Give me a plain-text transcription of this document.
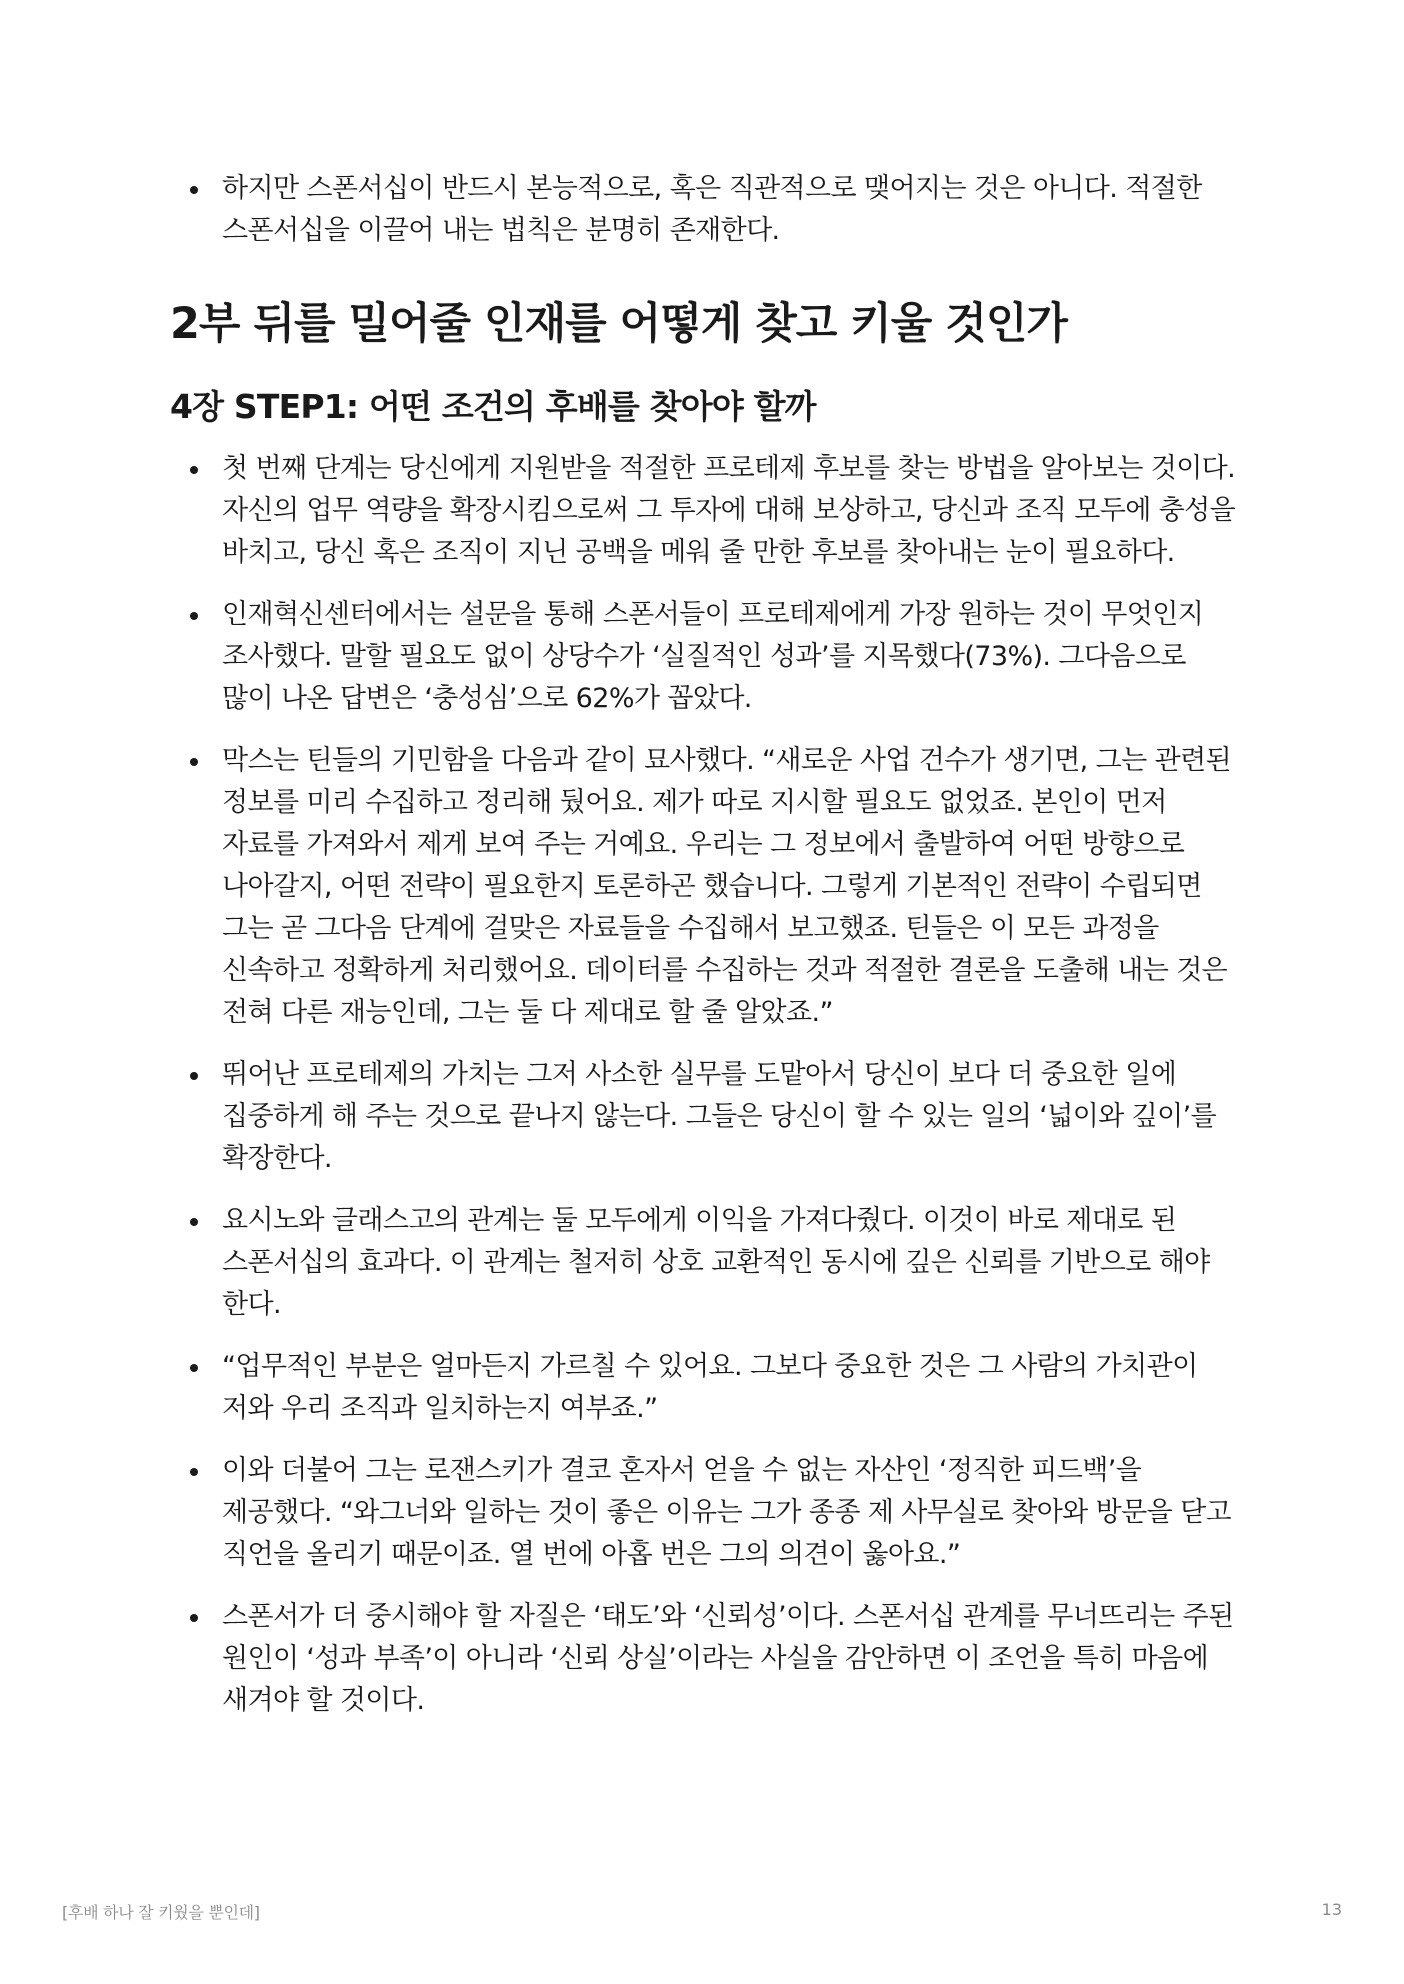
하지만 스폰서십이 반드시 본능적으로, 혹은 직관적으로 맺어지는 것은 아니다. 적절한 스폰서십을 이끌어 내는 법칙은 분명히 존재한다.
2부 뒤를 밀어줄 인재를 어떻게 찾고 키울 것인가
4장 STEP1: 어떤 조건의 후배를 찾아야 할까
첫 번째 단계는 당신에게 지원받을 적절한 프로테제 후보를 찾는 방법을 알아보는 것이다. 자신의 업무 역량을 확장시킴으로써 그 투자에 대해 보상하고, 당신과 조직 모두에 충성을 바치고, 당신 혹은 조직이 지닌 공백을 메워 줄 만한 후보를 찾아내는 눈이 필요하다.
인재혁신센터에서는 설문을 통해 스폰서들이 프로테제에게 가장 원하는 것이 무엇인지 조사했다. 말할 필요도 없이 상당수가 ‘실질적인 성과’를 지목했다(73%). 그다음으로 많이 나온 답변은 ‘충성심’으로 62%가 꼽았다.
막스는 틴들의 기민함을 다음과 같이 묘사했다. “새로운 사업 건수가 생기면, 그는 관련된 정보를 미리 수집하고 정리해 뒀어요. 제가 따로 지시할 필요도 없었죠. 본인이 먼저 자료를 가져와서 제게 보여 주는 거예요. 우리는 그 정보에서 출발하여 어떤 방향으로 나아갈지, 어떤 전략이 필요한지 토론하곤 했습니다. 그렇게 기본적인 전략이 수립되면 그는 곧 그다음 단계에 걸맞은 자료들을 수집해서 보고했죠. 틴들은 이 모든 과정을 신속하고 정확하게 처리했어요. 데이터를 수집하는 것과 적절한 결론을 도출해 내는 것은 전혀 다른 재능인데, 그는 둘 다 제대로 할 줄 알았죠.”
뛰어난 프로테제의 가치는 그저 사소한 실무를 도맡아서 당신이 보다 더 중요한 일에 집중하게 해 주는 것으로 끝나지 않는다. 그들은 당신이 할 수 있는 일의 ‘넓이와 깊이’를 확장한다.
요시노와 글래스고의 관계는 둘 모두에게 이익을 가져다줬다. 이것이 바로 제대로 된 스폰서십의 효과다. 이 관계는 철저히 상호 교환적인 동시에 깊은 신뢰를 기반으로 해야 한다.
“업무적인 부분은 얼마든지 가르칠 수 있어요. 그보다 중요한 것은 그 사람의 가치관이 저와 우리 조직과 일치하는지 여부죠.”
이와 더불어 그는 로잰스키가 결코 혼자서 얻을 수 없는 자산인 ‘정직한 피드백’을 제공했다. “와그너와 일하는 것이 좋은 이유는 그가 종종 제 사무실로 찾아와 방문을 닫고 직언을 올리기 때문이죠. 열 번에 아홉 번은 그의 의견이 옳아요.”
스폰서가 더 중시해야 할 자질은 ‘태도’와 ‘신뢰성’이다. 스폰서십 관계를 무너뜨리는 주된 원인이 ‘성과 부족’이 아니라 ‘신뢰 상실’이라는 사실을 감안하면 이 조언을 특히 마음에 새겨야 할 것이다.
[후배 하나 잘 키웠을 뿐인데]	13
